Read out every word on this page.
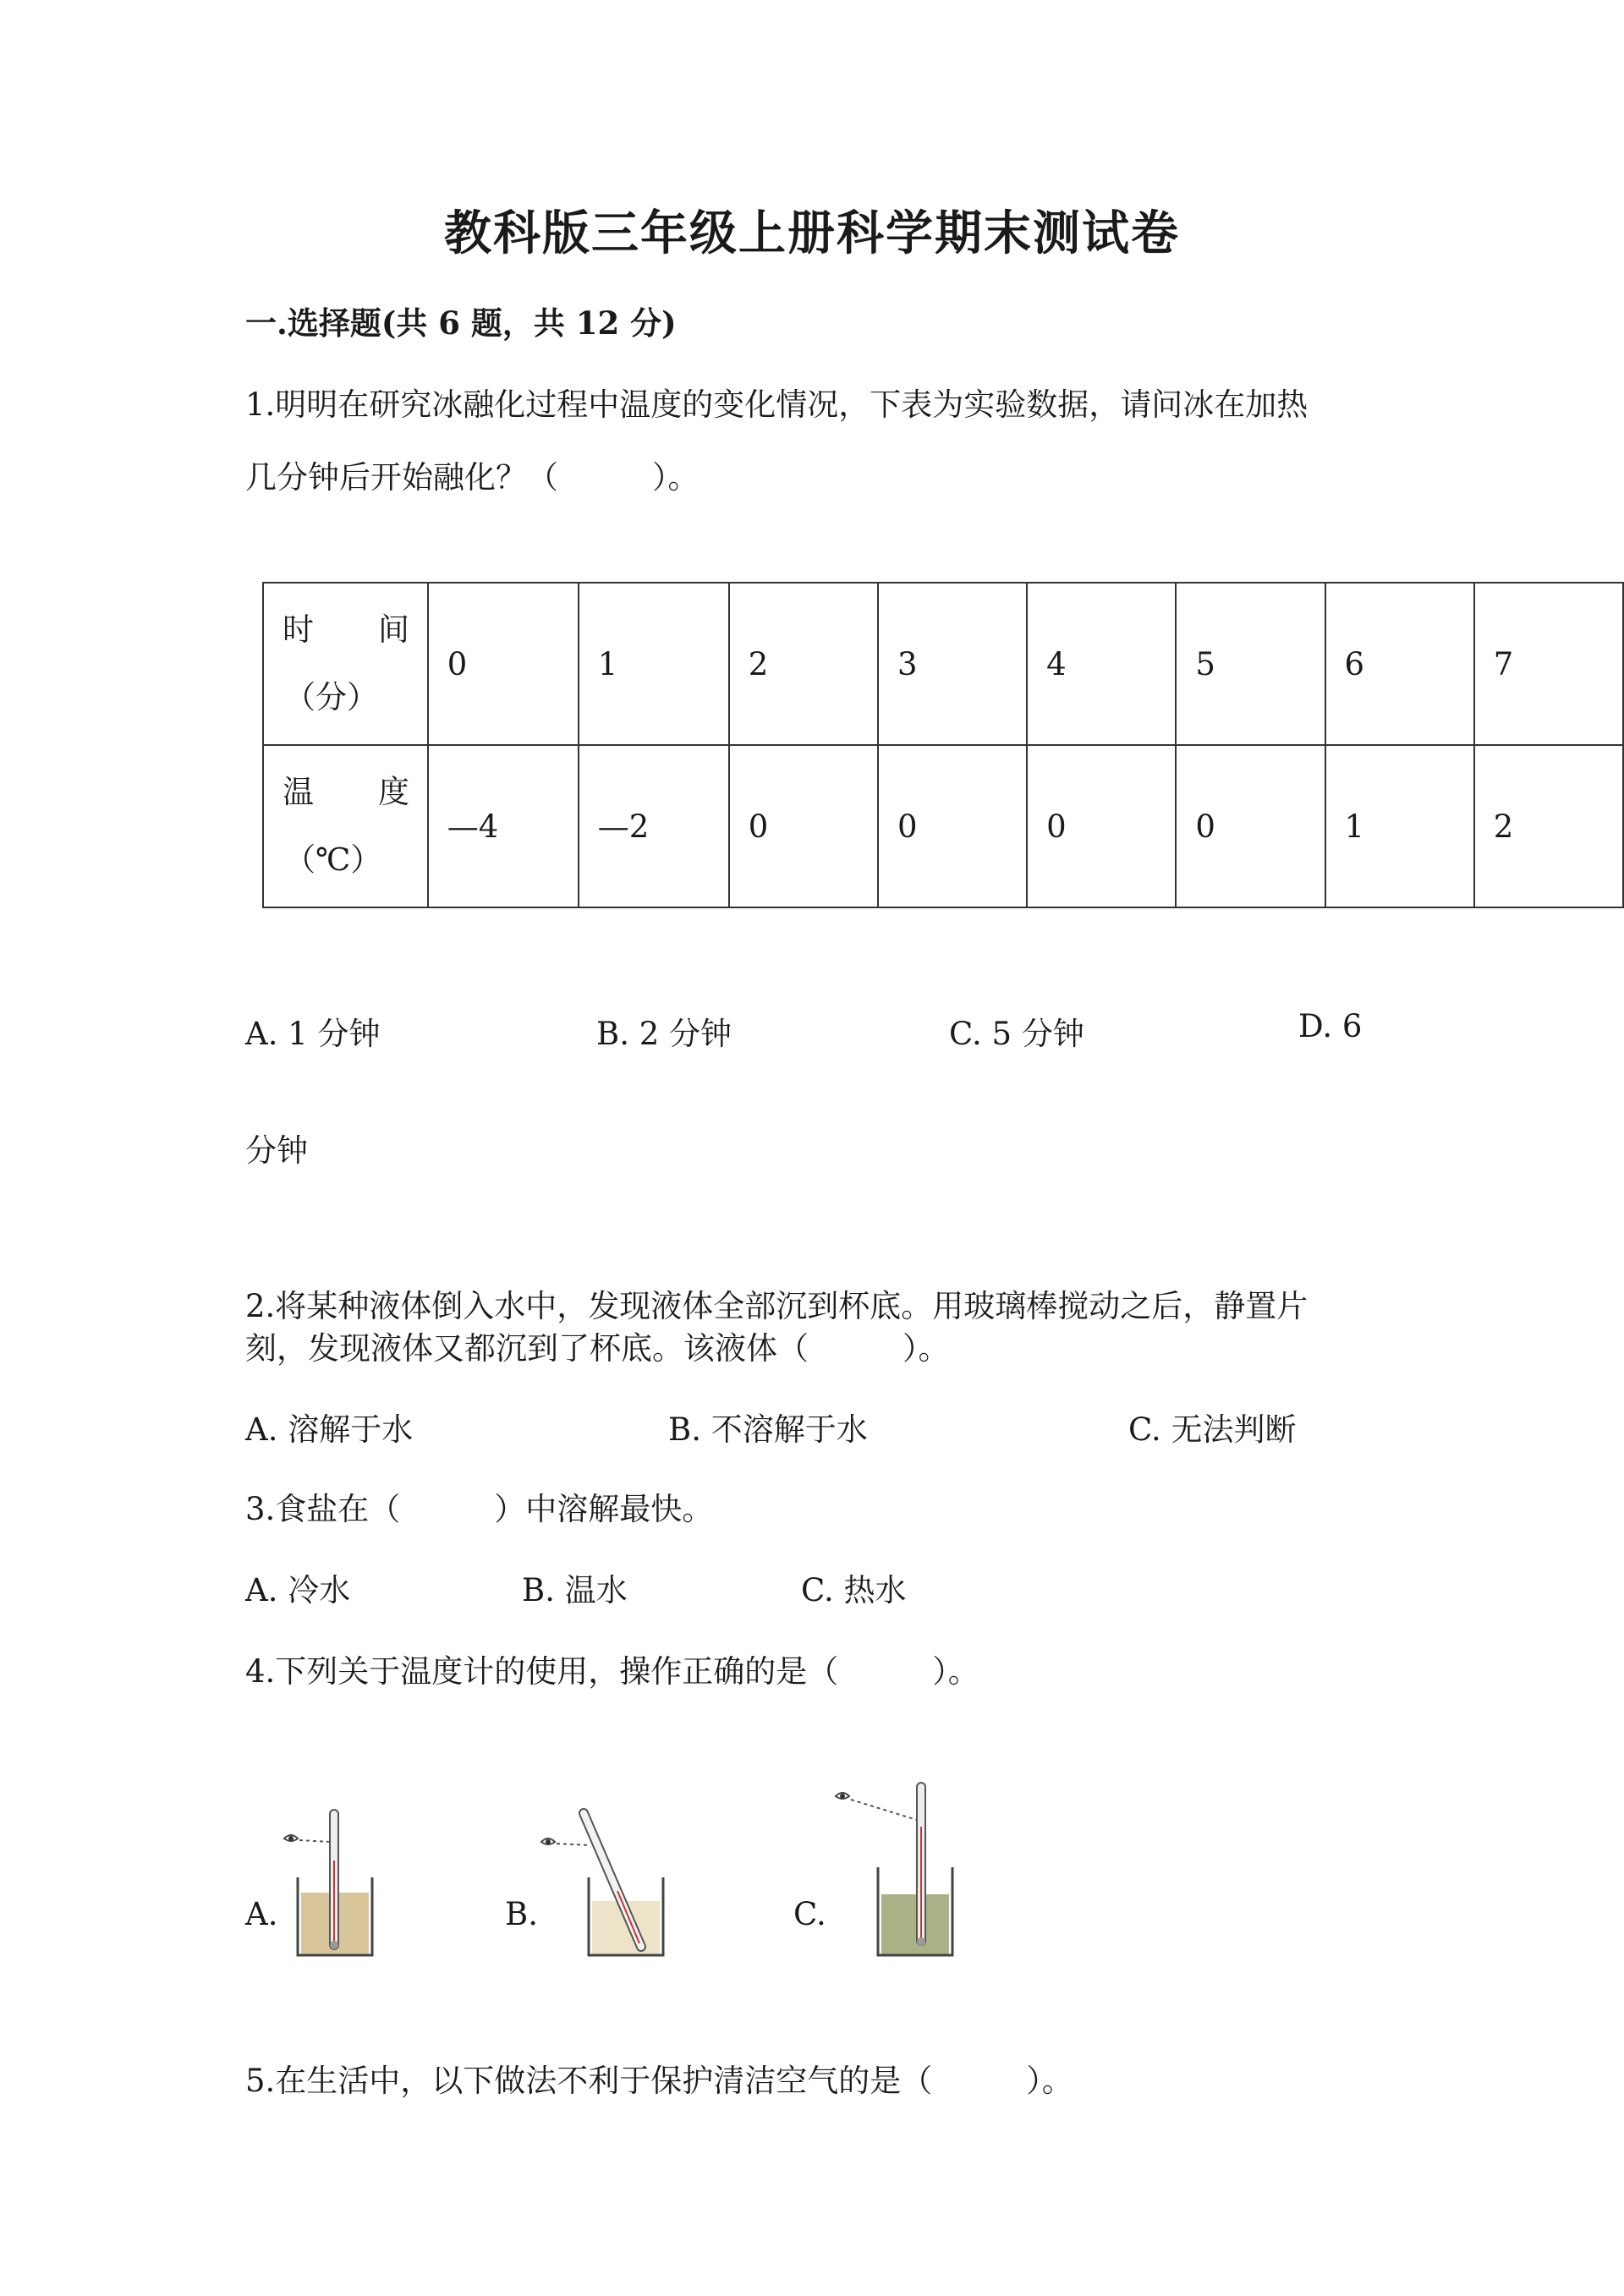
教科版三年级上册科学期末测试卷
一.选择题(共 6 题，共 12 分)
1.明明在研究冰融化过程中温度的变化情况，下表为实验数据，请问冰在加热
几分钟后开始融化？（　　　）。
时 间
（分）	0	1	2	3	4	5	6	7

温 度
（℃）	—4	—2	0	0	0	0	1	2
A. 1 分钟	B. 2 分钟	C. 5 分钟	D. 6
分钟
2.将某种液体倒入水中，发现液体全部沉到杯底。用玻璃棒搅动之后，静置片
刻，发现液体又都沉到了杯底。该液体（　　　）。
A. 溶解于水	B. 不溶解于水	C. 无法判断
3.食盐在（　　　）中溶解最快。
A. 冷水	B. 温水	C. 热水
4.下列关于温度计的使用，操作正确的是（　　　）。
A.	B.	C.
5.在生活中，以下做法不利于保护清洁空气的是（　　　）。
